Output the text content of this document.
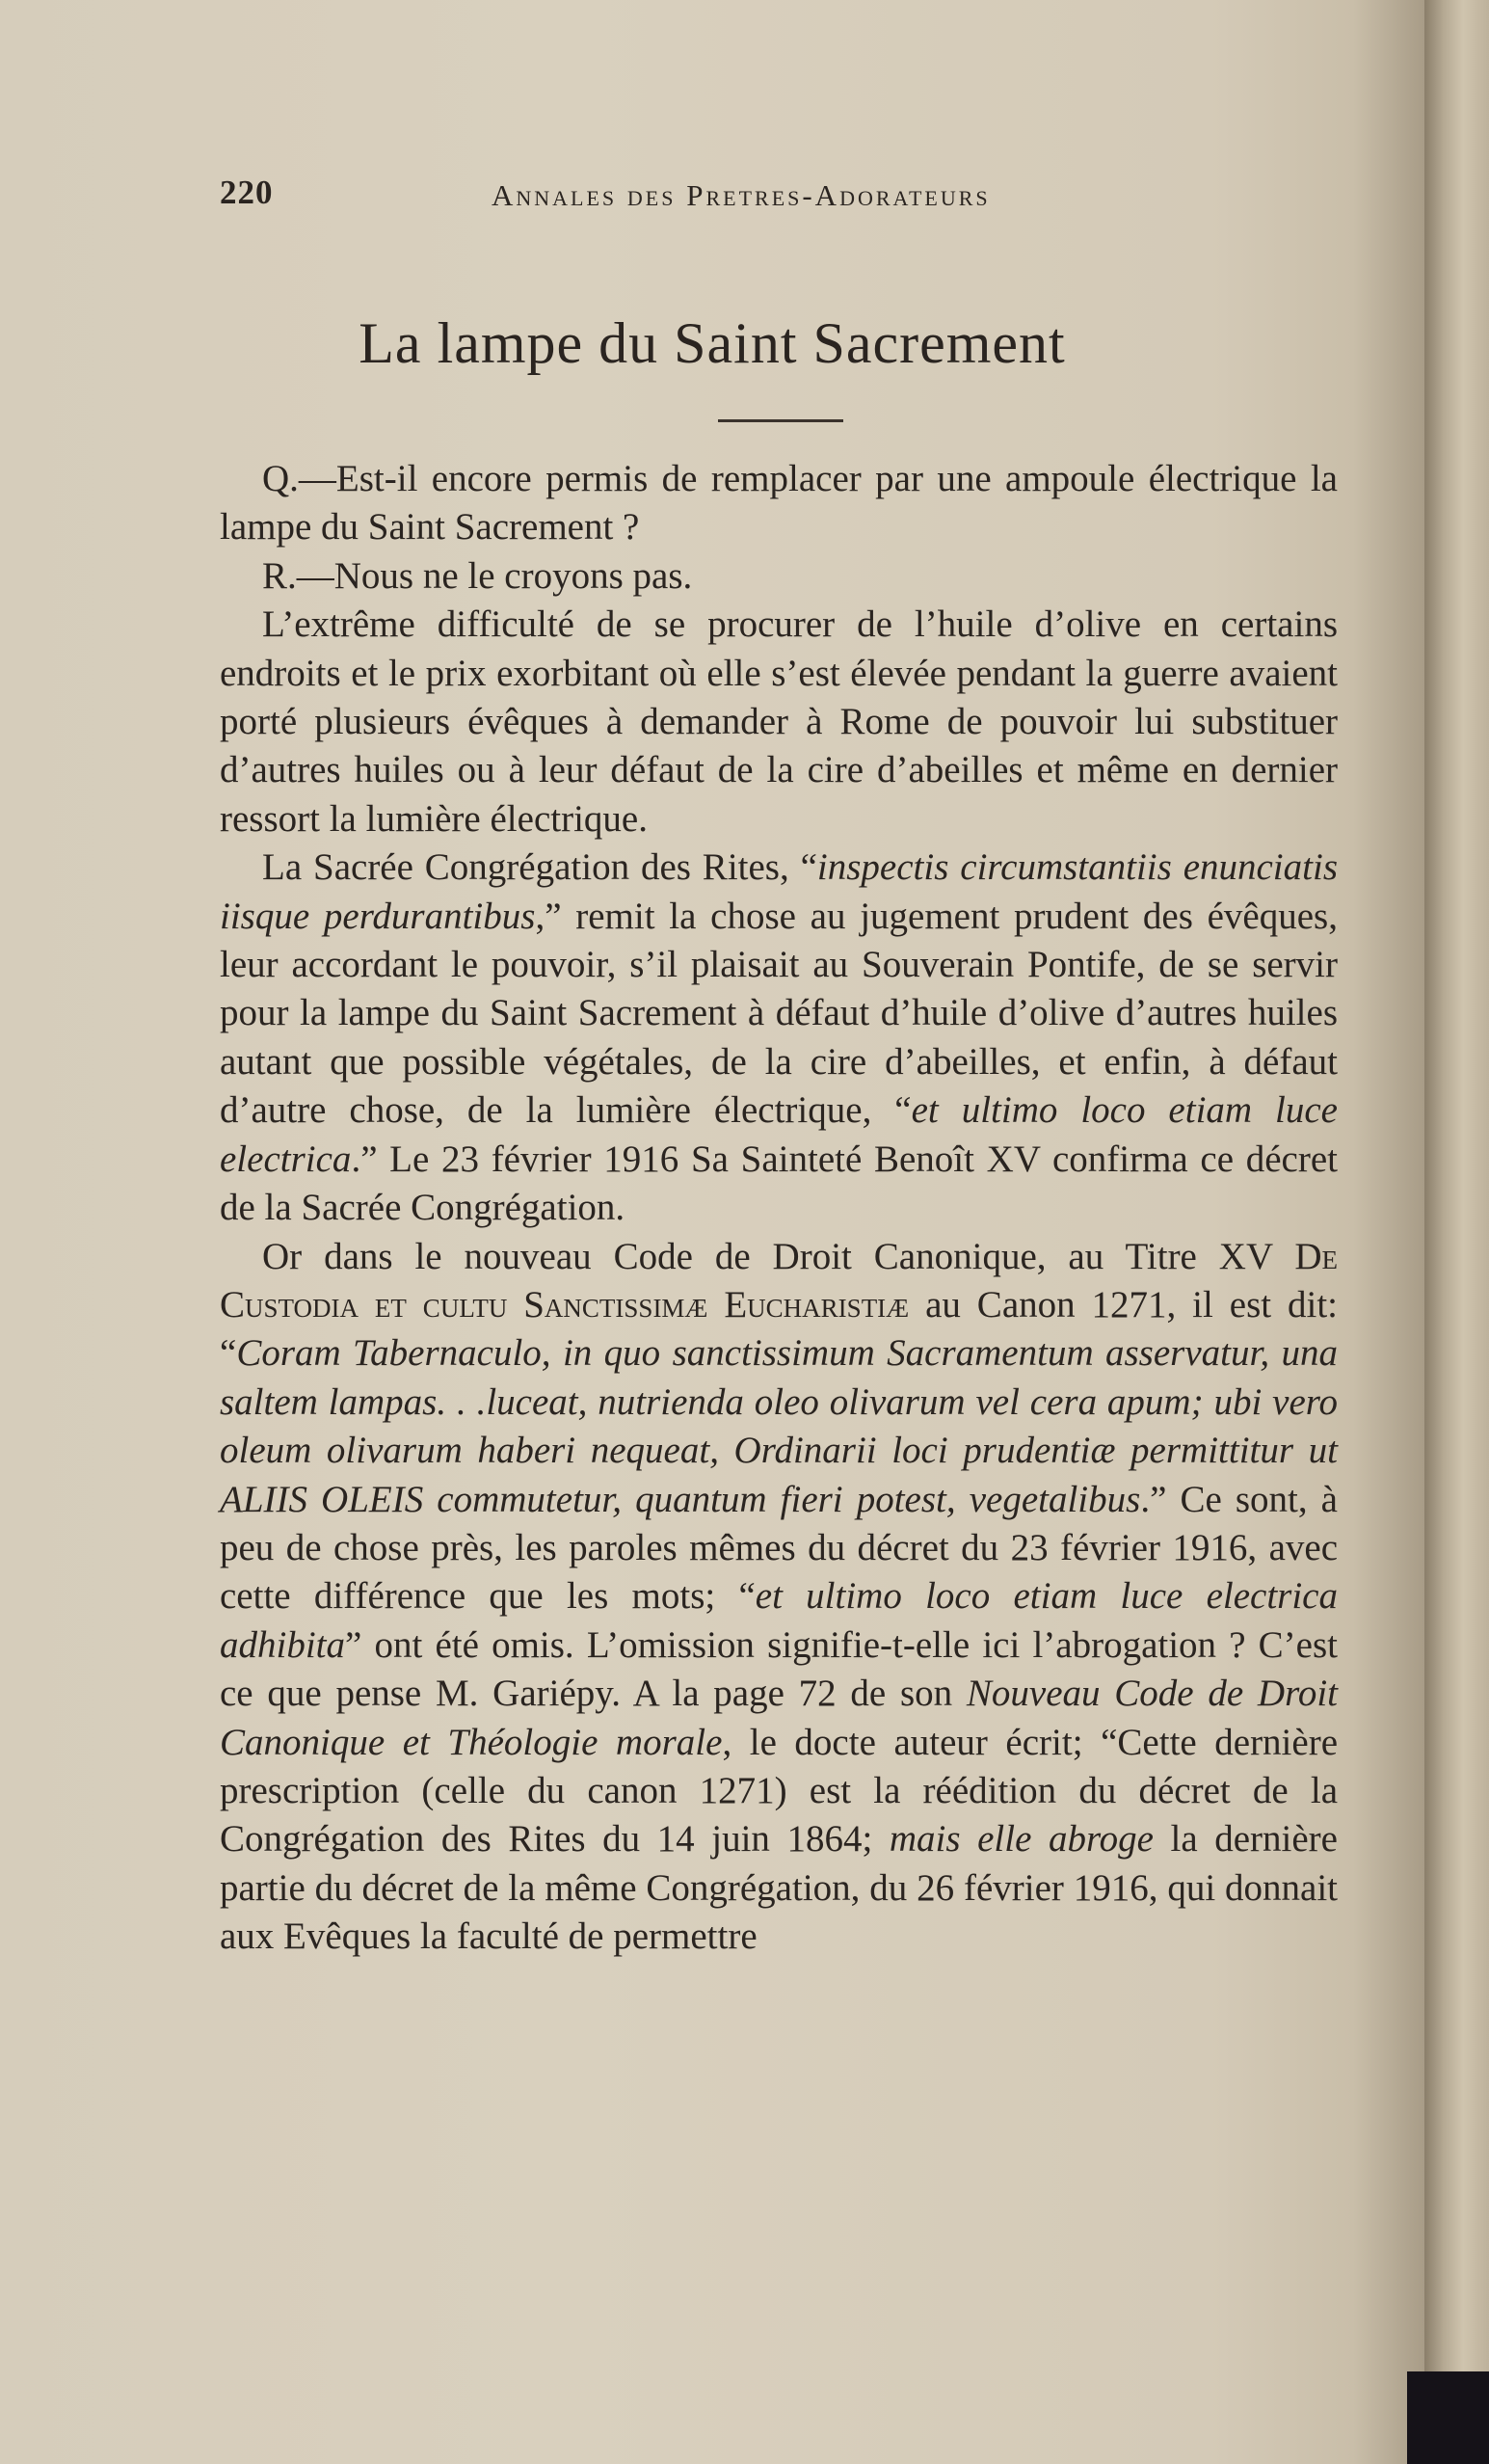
220	Annales des Pretres-Adorateurs
La lampe du Saint Sacrement

Q.—Est-il encore permis de remplacer par une ampoule électrique la lampe du Saint Sacrement ?

R.—Nous ne le croyons pas.

L’extrême difficulté de se procurer de l’huile d’olive en certains endroits et le prix exorbitant où elle s’est élevée pendant la guerre avaient porté plusieurs évêques à demander à Rome de pouvoir lui substituer d’autres huiles ou à leur défaut de la cire d’abeilles et même en dernier ressort la lumière électrique.

La Sacrée Congrégation des Rites, “inspectis circumstantiis enunciatis iisque perdurantibus,” remit la chose au jugement prudent des évêques, leur accordant le pouvoir, s’il plaisait au Souverain Pontife, de se servir pour la lampe du Saint Sacrement à défaut d’huile d’olive d’autres huiles autant que possible végétales, de la cire d’abeilles, et enfin, à défaut d’autre chose, de la lumière électrique, “et ultimo loco etiam luce electrica.” Le 23 février 1916 Sa Sainteté Benoît XV confirma ce décret de la Sacrée Congrégation.

Or dans le nouveau Code de Droit Canonique, au Titre XV De Custodia et cultu Sanctissimæ Eucharistiæ au Canon 1271, il est dit: “Coram Tabernaculo, in quo sanctissimum Sacramentum asservatur, una saltem lampas. . .luceat, nutrienda oleo olivarum vel cera apum; ubi vero oleum olivarum haberi nequeat, Ordinarii loci prudentiæ permittitur ut ALIIS OLEIS commutetur, quantum fieri potest, vegetalibus.” Ce sont, à peu de chose près, les paroles mêmes du décret du 23 février 1916, avec cette différence que les mots; “et ultimo loco etiam luce electrica adhibita” ont été omis. L’omission signifie-t-elle ici l’abrogation ? C’est ce que pense M. Gariépy. A la page 72 de son Nouveau Code de Droit Canonique et Théologie morale, le docte auteur écrit; “Cette dernière prescription (celle du canon 1271) est la réédition du décret de la Congrégation des Rites du 14 juin 1864; mais elle abroge la dernière partie du décret de la même Congrégation, du 26 février 1916, qui donnait aux Evêques la faculté de permettre
